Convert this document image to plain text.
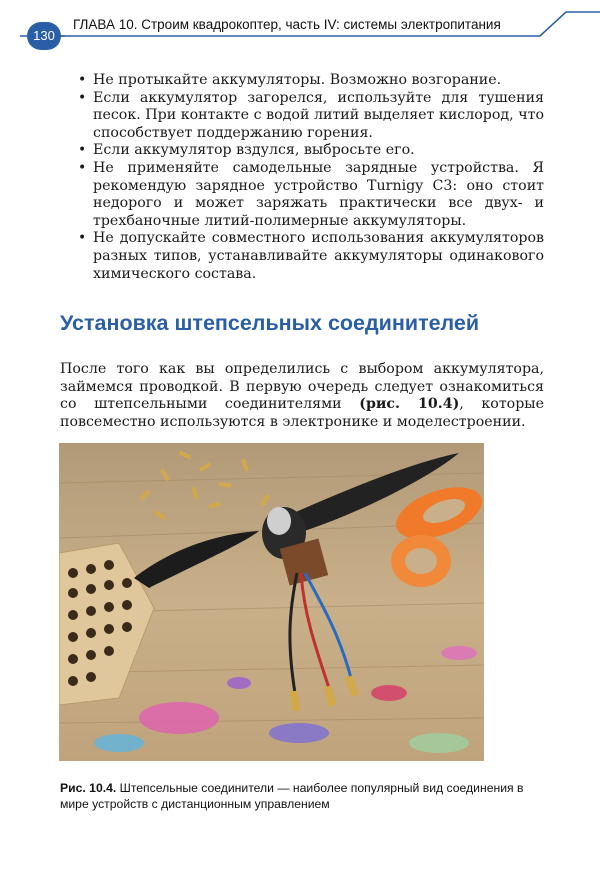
130
ГЛАВА 10. Строим квадрокоптер, часть IV: системы электропитания
• Не протыкайте аккумуляторы. Возможно возгорание.
• Если аккумулятор загорелся, используйте для тушения песок. При контакте с водой литий выделяет кислород, что способствует поддержанию горения.
• Если аккумулятор вздулся, выбросьте его.
• Не применяйте самодельные зарядные устройства. Я рекомендую зарядное устройство Turnigy C3: оно стоит недорого и может заряжать практически все двух- и трехбаночные литий-полимерные аккумуляторы.
• Не допускайте совместного использования аккумуляторов разных типов, устанавливайте аккумуляторы одинакового химического состава.
Установка штепсельных соединителей
После того как вы определились с выбором аккумулятора, займемся проводкой. В первую очередь следует ознакомиться со штепсельными соединителями (рис. 10.4), которые повсеместно используются в электронике и моделестроении.
Рис. 10.4. Штепсельные соединители — наиболее популярный вид соединения в мире устройств с дистанционным управлением
